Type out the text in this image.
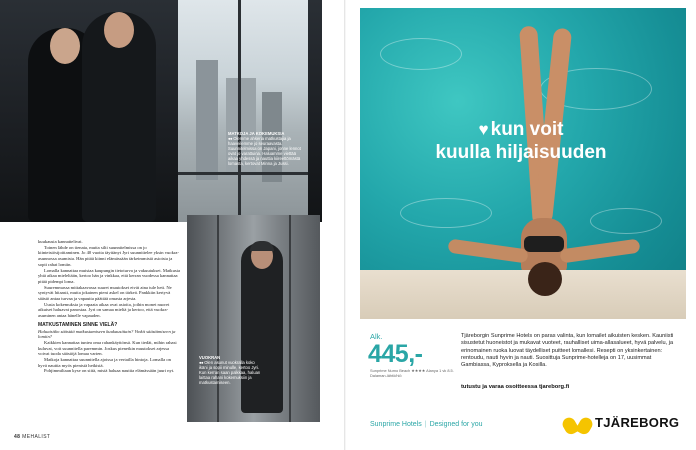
MATKOJA JA KOKEMUKSIA
●● Olemme ahkeria matkustajia ja haaveilemme jo seuraavasta. Suunnitelmissa on Japani, jonne lennot ovat jo varattuina. Haluamme viettää aikaa yhdessä ja nauttia kiireettömästä lomasta, kertovat Minna ja Jussi.

kuukausia kannattelivat.

Toinen lähde on tienata, mutta silti suunnitelmissa on jo kiinteistösijoittaminen. Jo 40 vuotta täyttänyt Jyri suunnittelee yksin vuokra-asunnossa asumista. Hän pitää kiinni elämässään tärkeimmistä asioista ja sopii rahat lomiin.

Lomalla kannattaa muistaa kaupungin tietoturva ja vakuutukset. Matkusta yhtä aikaa mieleltään, kertoo hän ja vinkkaa, että kerran vuodessa kannattaa pitää pidempi loma.

Suuremmassa mittakaavassa suuret muutokset eivät aina tule heti. Ne syntyvät hitaasti, mutta jokainen pieni askel on tärkeä. Pankkiin kertyvä säästö antaa turvaa ja vapautta päättää omasta arjesta.

Uusia kokemuksia ja vapaata aikaa ovat asioita, joihin monet nuoret aikuiset haluavat panostaa. Jyri on samaa mieltä ja kertoo, että vuokra-asuminen antaa hänelle vapauden.

MATKUSTAMINEN SINNE VIELÄ?

Haluaisitko säästää matkustamiseen kuukausittain? Vinkit säästämiseen ja lomiin?

Kaikkien kannattaa tuntea oma rahankäyttönsä. Kun tiedät, mihin rahasi kuluvat, voit suunnitella paremmin. Joskus pienetkin muutokset arjessa voivat tuoda säästöjä lomaa varten.

Matkoja kannattaa suunnitella ajoissa ja vertailla hintoja. Lomalla on hyvä nauttia myös pienistä hetkistä.

Pohjimmiltaan kyse on siitä, mistä haluaa nauttia elämässään juuri nyt.

VUOKRAN
●● Olen asunut vuokralla koko ikäni ja sopii minulle, kertoo Jyri. Kun kerran saan palkkaa, haluan laittaa rahani kokemuksiin ja matkustamiseen.
48 MEHALIST
♥ kun voit
kuulla hiljaisuuden
Alk.
445,-
Sunprime Numo Beach ★★★★ Alanya 1 vk 8.5. Dalaman-lähtö/hlö
Tjäreborgin Sunprime Hotels on paras valinta, kun lomailet aikuisten kesken. Kauniisti sisustetut huoneistot ja mukavat vuoteet, rauhalliset uima-allasalueet, hyvä palvelu, ja erinomainen ruoka luovat täydelliset puitteet lomallesi. Resepti on yksinkertainen: rentoudu, nauti hyvin ja nauti. Suosittuja Sunprime-hotelleja on 17, uusimmat Gambiassa, Kyproksella ja Kosilla.
tutustu ja varaa osoitteessa tjareborg.fi
Sunprime Hotels | Designed for you	TJÄREBORG
